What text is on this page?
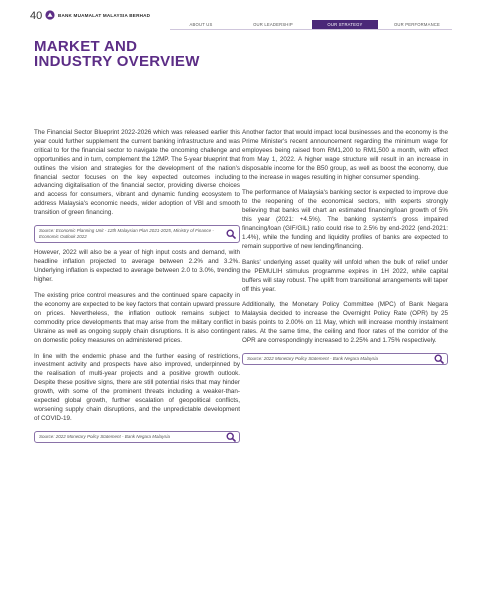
40	BANK MUAMALAT MALAYSIA BERHAD
ABOUT US	OUR LEADERSHIP	OUR STRATEGY	OUR PERFORMANCE
MARKET AND
INDUSTRY OVERVIEW

The Financial Sector Blueprint 2022-2026 which was released earlier this year could further supplement the current banking infrastructure and was critical to for the financial sector to navigate the oncoming challenge and opportunities and in turn, complement the 12MP. The 5-year blueprint that outlines the vision and strategies for the development of the nation's financial sector focuses on the key expected outcomes including advancing digitalisation of the financial sector, providing diverse choices and access for consumers, vibrant and dynamic funding ecosystem to address Malaysia's economic needs, wider adoption of VBI and smooth transition of green financing.

Source: Economic Planning Unit - 12th Malaysian Plan 2021-2025, Ministry of Finance - Economic Outlook 2022

However, 2022 will also be a year of high input costs and demand, with headline inflation projected to average between 2.2% and 3.2%. Underlying inflation is expected to average between 2.0 to 3.0%, trending higher.

The existing price control measures and the continued spare capacity in the economy are expected to be key factors that contain upward pressure on prices. Nevertheless, the inflation outlook remains subject to commodity price developments that may arise from the military conflict in Ukraine as well as ongoing supply chain disruptions. It is also contingent on domestic policy measures on administered prices.

In line with the endemic phase and the further easing of restrictions, investment activity and prospects have also improved, underpinned by the realisation of multi-year projects and a positive growth outlook. Despite these positive signs, there are still potential risks that may hinder growth, with some of the prominent threats including a weaker-than-expected global growth, further escalation of geopolitical conflicts, worsening supply chain disruptions, and the unpredictable development of COVID-19.

Source: 2022 Monetary Policy Statement - Bank Negara Malaysia

Another factor that would impact local businesses and the economy is the Prime Minister's recent announcement regarding the minimum wage for employees being raised from RM1,200 to RM1,500 a month, with effect from May 1, 2022. A higher wage structure will result in an increase in disposable income for the B50 group, as well as boost the economy, due to the increase in wages resulting in higher consumer spending.

The performance of Malaysia's banking sector is expected to improve due to the reopening of the economical sectors, with experts strongly believing that banks will chart an estimated financing/loan growth of 5% this year (2021: +4.5%). The banking system's gross impaired financing/loan (GIF/GIL) ratio could rise to 2.5% by end-2022 (end-2021: 1.4%), while the funding and liquidity profiles of banks are expected to remain supportive of new lending/financing.

Banks' underlying asset quality will unfold when the bulk of relief under the PEMULIH stimulus programme expires in 1H 2022, while capital buffers will stay robust. The uplift from transitional arrangements will taper off this year.

Additionally, the Monetary Policy Committee (MPC) of Bank Negara Malaysia decided to increase the Overnight Policy Rate (OPR) by 25 basis points to 2.00% on 11 May, which will increase monthly instalment rates. At the same time, the ceiling and floor rates of the corridor of the OPR are correspondingly increased to 2.25% and 1.75% respectively.

Source: 2022 Monetary Policy Statement - Bank Negara Malaysia
